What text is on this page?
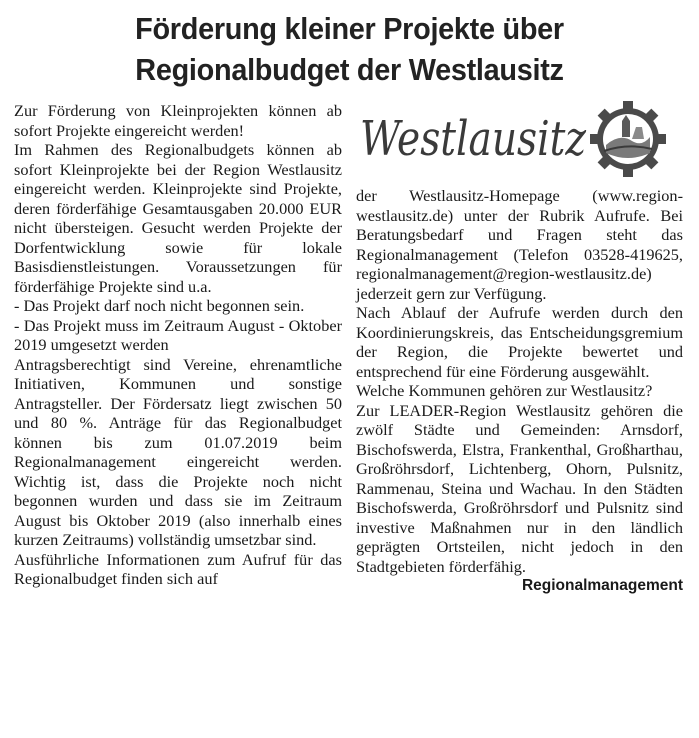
Förderung kleiner Projekte über
Regionalbudget der Westlausitz

Zur Förderung von Kleinprojekten können ab sofort Projekte eingereicht werden!

Im Rahmen des Regionalbudgets können ab sofort Kleinprojekte bei der Region Westlausitz eingereicht werden. Kleinprojekte sind Projekte, deren förderfähige Gesamtausgaben 20.000 EUR nicht übersteigen. Gesucht werden Projekte der Dorfentwicklung sowie für lokale Basisdienstleistungen. Voraussetzungen für förderfähige Projekte sind u.a.

- Das Projekt darf noch nicht begonnen sein.

- Das Projekt muss im Zeitraum August - Oktober 2019 umgesetzt werden

Antragsberechtigt sind Vereine, ehrenamtliche Initiativen, Kommunen und sonstige Antragsteller. Der Fördersatz liegt zwischen 50 und 80 %. Anträge für das Regionalbudget können bis zum 01.07.2019 beim Regionalmanagement eingereicht werden. Wichtig ist, dass die Projekte noch nicht begonnen wurden und dass sie im Zeitraum August bis Oktober 2019 (also innerhalb eines kurzen Zeitraums) vollständig umsetzbar sind.

Ausführliche Informationen zum Aufruf für das Regionalbudget finden sich auf

Westlausitz

der Westlausitz-Homepage (www.region-westlausitz.de) unter der Rubrik Aufrufe. Bei Beratungsbedarf und Fragen steht das Regionalmanagement (Telefon 03528-419625, regionalmanagement@region-westlausitz.de) jederzeit gern zur Verfügung.

Nach Ablauf der Aufrufe werden durch den Koordinierungskreis, das Entscheidungsgremium der Region, die Projekte bewertet und entsprechend für eine Förderung ausgewählt.

Welche Kommunen gehören zur Westlausitz?

Zur LEADER-Region Westlausitz gehören die zwölf Städte und Gemeinden: Arnsdorf, Bischofswerda, Elstra, Frankenthal, Großharthau, Großröhrsdorf, Lichtenberg, Ohorn, Pulsnitz, Rammenau, Steina und Wachau. In den Städten Bischofswerda, Großröhrsdorf und Pulsnitz sind investive Maßnahmen nur in den ländlich geprägten Ortsteilen, nicht jedoch in den Stadtgebieten förderfähig.

Regionalmanagement
